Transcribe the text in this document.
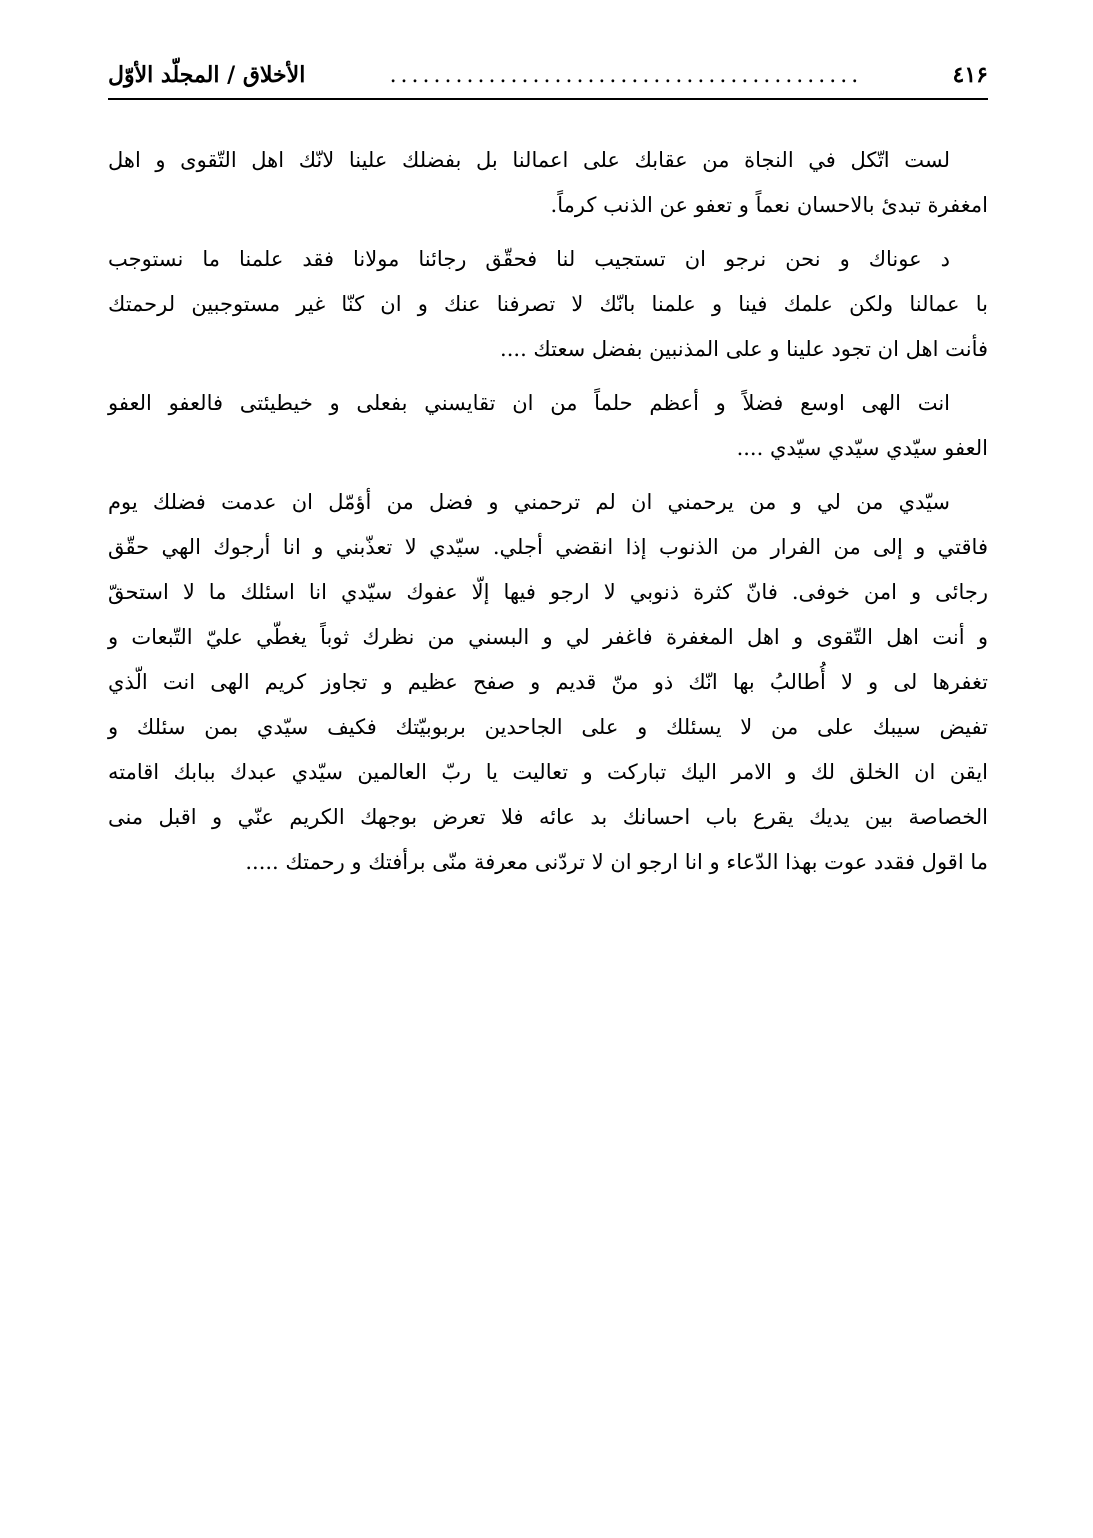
٤١۶
...........................................
الأخلاق / المجلّد الأوّل
لست اتّكل في النجاة من عقابك على اعمالنا بل بفضلك علينا لانّك اهل التّقوى و اهل
امغفرة تبدئ بالاحسان نعماً و تعفو عن الذنب كرماً.
د عوناك و نحن نرجو ان تستجيب لنا فحقّق رجائنا مولانا فقد علمنا ما نستوجب
با عمالنا ولكن علمك فينا و علمنا بانّك لا تصرفنا عنك و ان كنّا غير مستوجبين لرحمتك
فأنت اهل ان تجود علينا و على المذنبين بفضل سعتك ....
انت الهى اوسع فضلاً و أعظم حلماً من ان تقايسني بفعلى و خيطيئتى فالعفو العفو
العفو سيّدي سيّدي سيّدي ....
سيّدي من لي و من يرحمني ان لم ترحمني و فضل من أؤمّل ان عدمت فضلك يوم
فاقتي و إلى من الفرار من الذنوب إذا انقضي أجلي. سيّدي لا تعذّبني و انا أرجوك الهي حقّق
رجائى و امن خوفى. فانّ كثرة ذنوبي لا ارجو فيها إلّا عفوك سيّدي انا اسئلك ما لا استحقّ
و أنت اهل التّقوى و اهل المغفرة فاغفر لي و البسني من نظرك ثوباً يغطّي عليّ التّبعات و
تغفرها لى و لا أُطالبُ بها انّك ذو منّ قديم و صفح عظيم و تجاوز كريم الهى انت الّذي
تفيض سيبك على من لا يسئلك و على الجاحدين بربوبيّتك فكيف سيّدي بمن سئلك و
ايقن ان الخلق لك و الامر اليك تباركت و تعاليت يا ربّ العالمين سيّدي عبدك ببابك اقامته
الخصاصة بين يديك يقرع باب احسانك بد عائه فلا تعرض بوجهك الكريم عنّي و اقبل منى
ما اقول فقدد عوت بهذا الدّعاء و انا ارجو ان لا تردّنى معرفة منّى برأفتك و رحمتك .....
